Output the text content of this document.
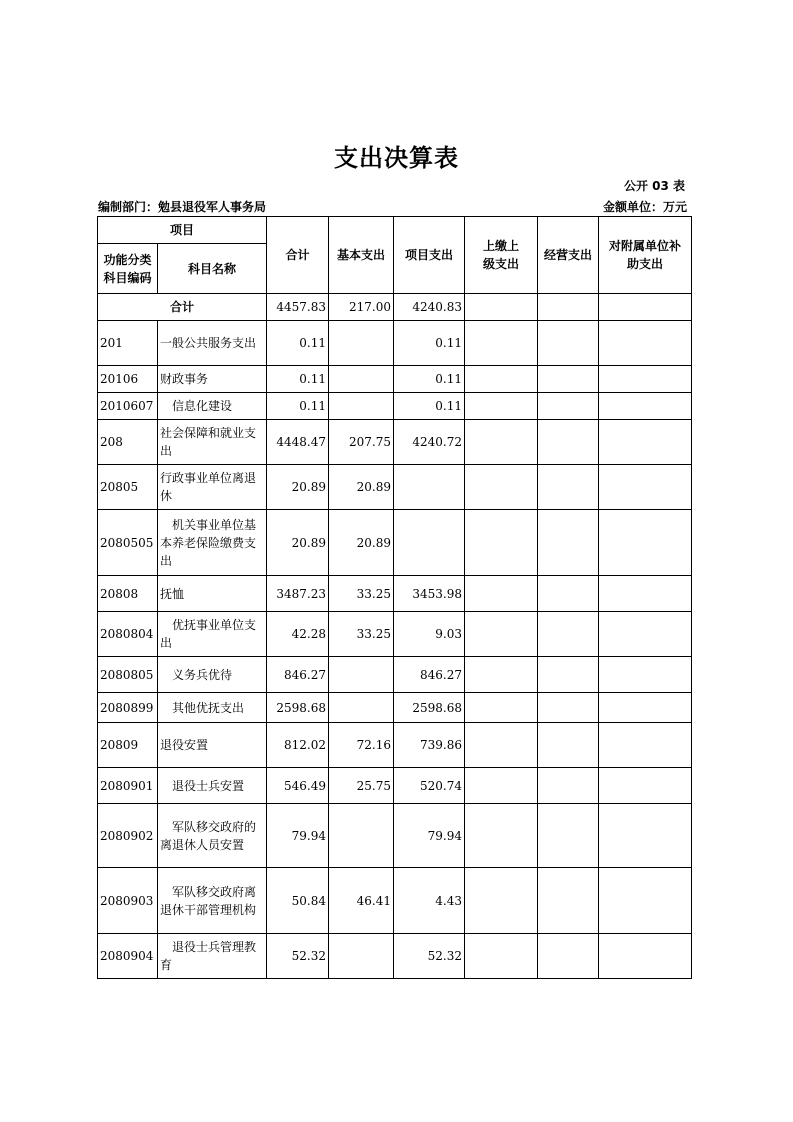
支出决算表
公开 03 表
编制部门：勉县退役军人事务局	金额单位：万元
项目		合计	基本支出	项目支出	上缴上级支出	经营支出	对附属单位补助支出
功能分类科目编码	科目名称						
合计		4457.83	217.00	4240.83			
201	一般公共服务支出	0.11		0.11			
20106	财政事务	0.11		0.11			
2010607	信息化建设	0.11		0.11			
208	社会保障和就业支出	4448.47	207.75	4240.72			
20805	行政事业单位离退休	20.89	20.89				
2080505	机关事业单位基本养老保险缴费支出	20.89	20.89				
20808	抚恤	3487.23	33.25	3453.98			
2080804	优抚事业单位支出	42.28	33.25	9.03			
2080805	义务兵优待	846.27		846.27			
2080899	其他优抚支出	2598.68		2598.68			
20809	退役安置	812.02	72.16	739.86			
2080901	退役士兵安置	546.49	25.75	520.74			
2080902	军队移交政府的离退休人员安置	79.94		79.94			
2080903	军队移交政府离退休干部管理机构	50.84	46.41	4.43			
2080904	退役士兵管理教育	52.32		52.32			
